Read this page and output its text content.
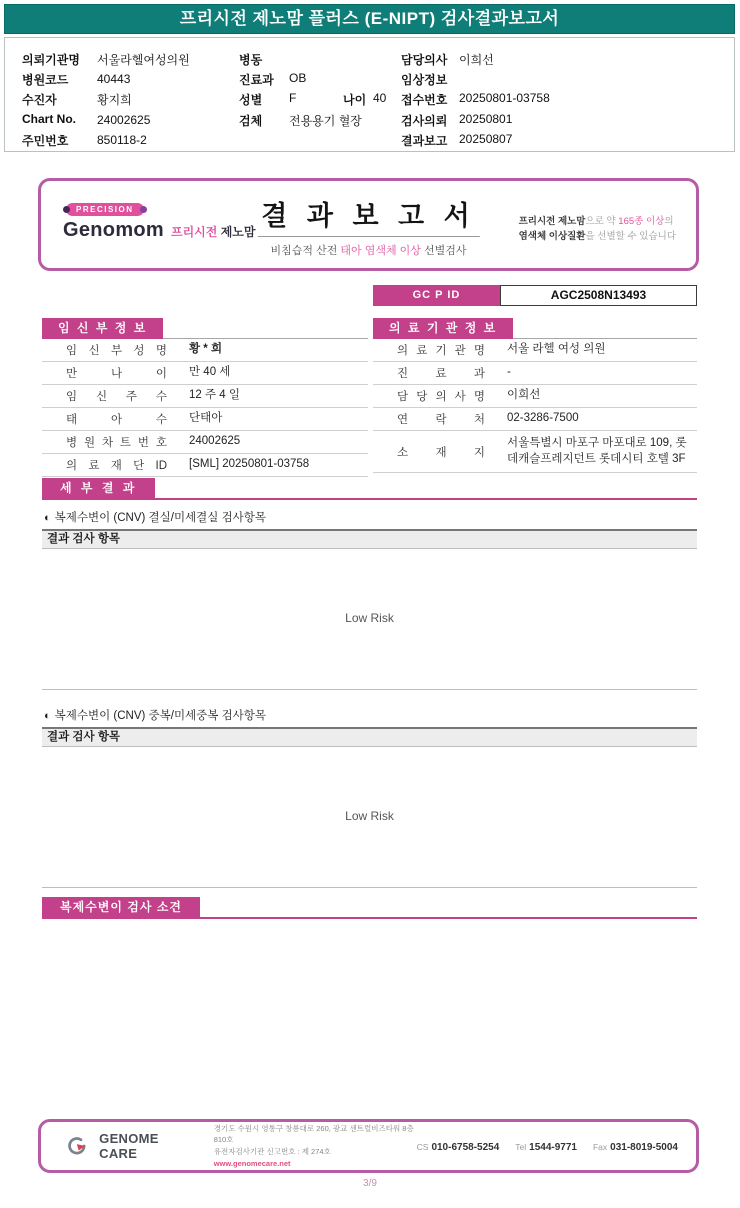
프리시전 제노맘 플러스 (E-NIPT) 검사결과보고서
의뢰기관명 서울라헬여성의원
병원코드 40443
수진자	황지희
Chart No. 24002625
주민번호 850118-2
병동
진료과 OB
성별 F	나이 40
검체 전용용기 혈장
담당의사 이희선
임상정보
접수번호 20250801-03758
검사의뢰 20250801
결과보고 20250807
PRECISION
Genomom 프리시전 제노맘
결 과 보 고 서
비침습적 산전 태아 염색체 이상 선별검사
프리시전 제노맘으로 약 165종 이상의
염색체 이상질환을 선별할 수 있습니다
GC P ID	AGC2508N13493
임 신 부 정 보
임 신 부 성 명	황 * 희
만 나 이	만 40 세
임 신 주 수	12 주 4 일
태 아 수	단태아
병 원 차 트 번 호	24002625
의 료 재 단 ID	[SML] 20250801-03758
의 료 기 관 정 보
의 료 기 관 명	서울 라헬 여성 의원
진 료 과	-
담 당 의 사 명	이희선
연 락 처	02-3286-7500
소 재 지
서울특별시 마포구 마포대로 109, 롯데캐슬프레지던트 롯데시티 호텔 3F
세 부 결 과
◐ 복제수변이 (CNV) 결실/미세결실 검사항목
결과 검사 항목
Low Risk
◐ 복제수변이 (CNV) 중복/미세중복 검사항목
결과 검사 항목
Low Risk
복제수변이 검사 소견
GENOME CARE
경기도 수원시 영통구 창룡대로 260, 광교 센트럴비즈타워 8층 810호
유전자검사기관 신고번호 : 제 274호
www.genomecare.net
CS 010-6758-5254 Tel 1544-9771 Fax 031-8019-5004
3/9
